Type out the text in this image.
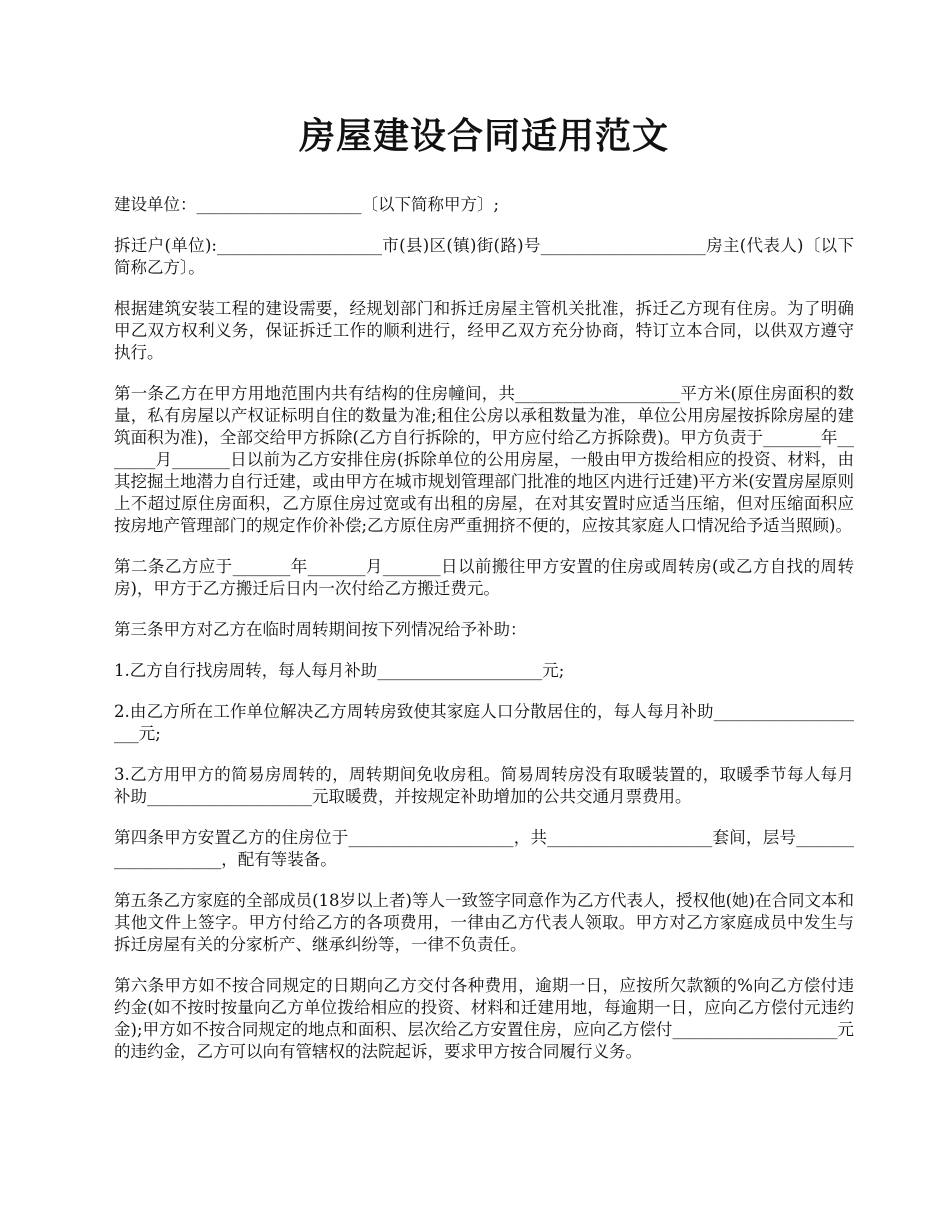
房屋建设合同适用范文

建设单位：____________________〔以下简称甲方〕;

拆迁户(单位):____________________市(县)区(镇)街(路)号____________________房主(代表人)〔以下简称乙方〕。

根据建筑安装工程的建设需要，经规划部门和拆迁房屋主管机关批准，拆迁乙方现有住房。为了明确甲乙双方权利义务，保证拆迁工作的顺利进行，经甲乙双方充分协商，特订立本合同，以供双方遵守执行。

第一条乙方在甲方用地范围内共有结构的住房幢间，共____________________平方米(原住房面积的数量，私有房屋以产权证标明自住的数量为准;租住公房以承租数量为准，单位公用房屋按拆除房屋的建筑面积为准)，全部交给甲方拆除(乙方自行拆除的，甲方应付给乙方拆除费)。甲方负责于_______年_______月_______日以前为乙方安排住房(拆除单位的公用房屋，一般由甲方拨给相应的投资、材料，由其挖掘土地潜力自行迁建，或由甲方在城市规划管理部门批准的地区内进行迁建)平方米(安置房屋原则上不超过原住房面积，乙方原住房过宽或有出租的房屋，在对其安置时应适当压缩，但对压缩面积应按房地产管理部门的规定作价补偿;乙方原住房严重拥挤不便的，应按其家庭人口情况给予适当照顾)。

第二条乙方应于_______年_______月_______日以前搬往甲方安置的住房或周转房(或乙方自找的周转房)，甲方于乙方搬迁后日内一次付给乙方搬迁费元。

第三条甲方对乙方在临时周转期间按下列情况给予补助：

1.乙方自行找房周转，每人每月补助____________________元;

2.由乙方所在工作单位解决乙方周转房致使其家庭人口分散居住的，每人每月补助____________________元;

3.乙方用甲方的简易房周转的，周转期间免收房租。简易周转房没有取暖装置的，取暖季节每人每月补助____________________元取暖费，并按规定补助增加的公共交通月票费用。

第四条甲方安置乙方的住房位于____________________，共____________________套间，层号____________________，配有等装备。

第五条乙方家庭的全部成员(18岁以上者)等人一致签字同意作为乙方代表人，授权他(她)在合同文本和其他文件上签字。甲方付给乙方的各项费用，一律由乙方代表人领取。甲方对乙方家庭成员中发生与拆迁房屋有关的分家析产、继承纠纷等，一律不负责任。

第六条甲方如不按合同规定的日期向乙方交付各种费用，逾期一日，应按所欠款额的%向乙方偿付违约金(如不按时按量向乙方单位拨给相应的投资、材料和迁建用地，每逾期一日，应向乙方偿付元违约金);甲方如不按合同规定的地点和面积、层次给乙方安置住房，应向乙方偿付____________________元的违约金，乙方可以向有管辖权的法院起诉，要求甲方按合同履行义务。
